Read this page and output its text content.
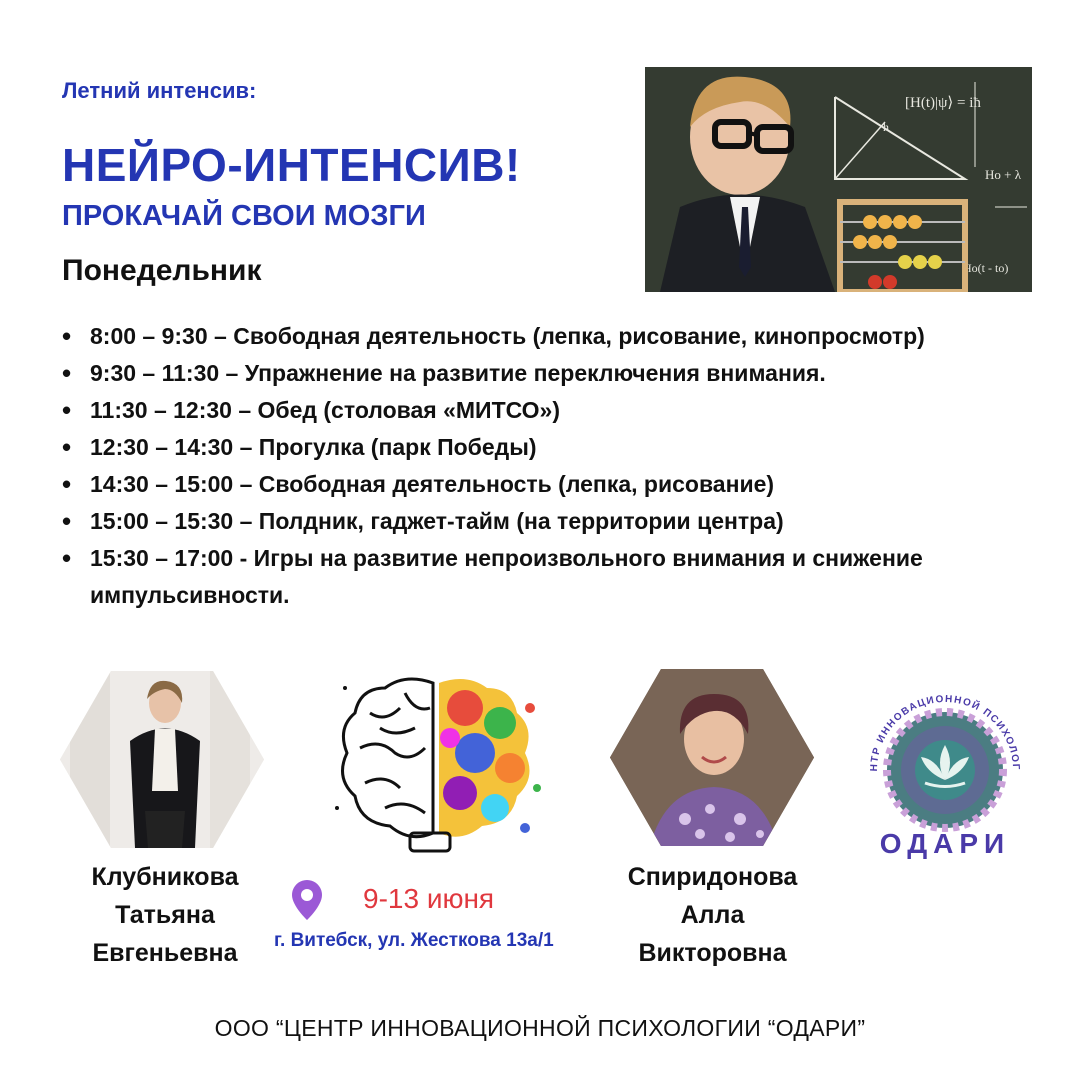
Летний интенсив:
НЕЙРО-ИНТЕНСИВ!
ПРОКАЧАЙ СВОИ МОЗГИ
Понедельник
h
[H(t)|ψ⟩ = iħ
Ho + λ
Ho(t - to)
• 8:00 – 9:30 – Свободная деятельность (лепка, рисование, кинопросмотр)
• 9:30 – 11:30 – Упражнение на развитие переключения внимания.
• 11:30 – 12:30 – Обед (столовая «МИТСО»)
• 12:30 – 14:30 – Прогулка (парк Победы)
• 14:30 – 15:00 – Свободная деятельность (лепка, рисование)
• 15:00 – 15:30 – Полдник, гаджет-тайм (на территории центра)
• 15:30 – 17:00 - Игры на развитие непроизвольного внимания и снижение импульсивности.
НТР ИННОВАЦИОННОЙ ПСИХОЛОГ
ОДАРИ
Клубникова
Татьяна
Евгеньевна
Спиридонова
Алла
Викторовна
9-13 июня
г. Витебск, ул. Жесткова 13а/1
ООО “ЦЕНТР ИННОВАЦИОННОЙ ПСИХОЛОГИИ “ОДАРИ”
